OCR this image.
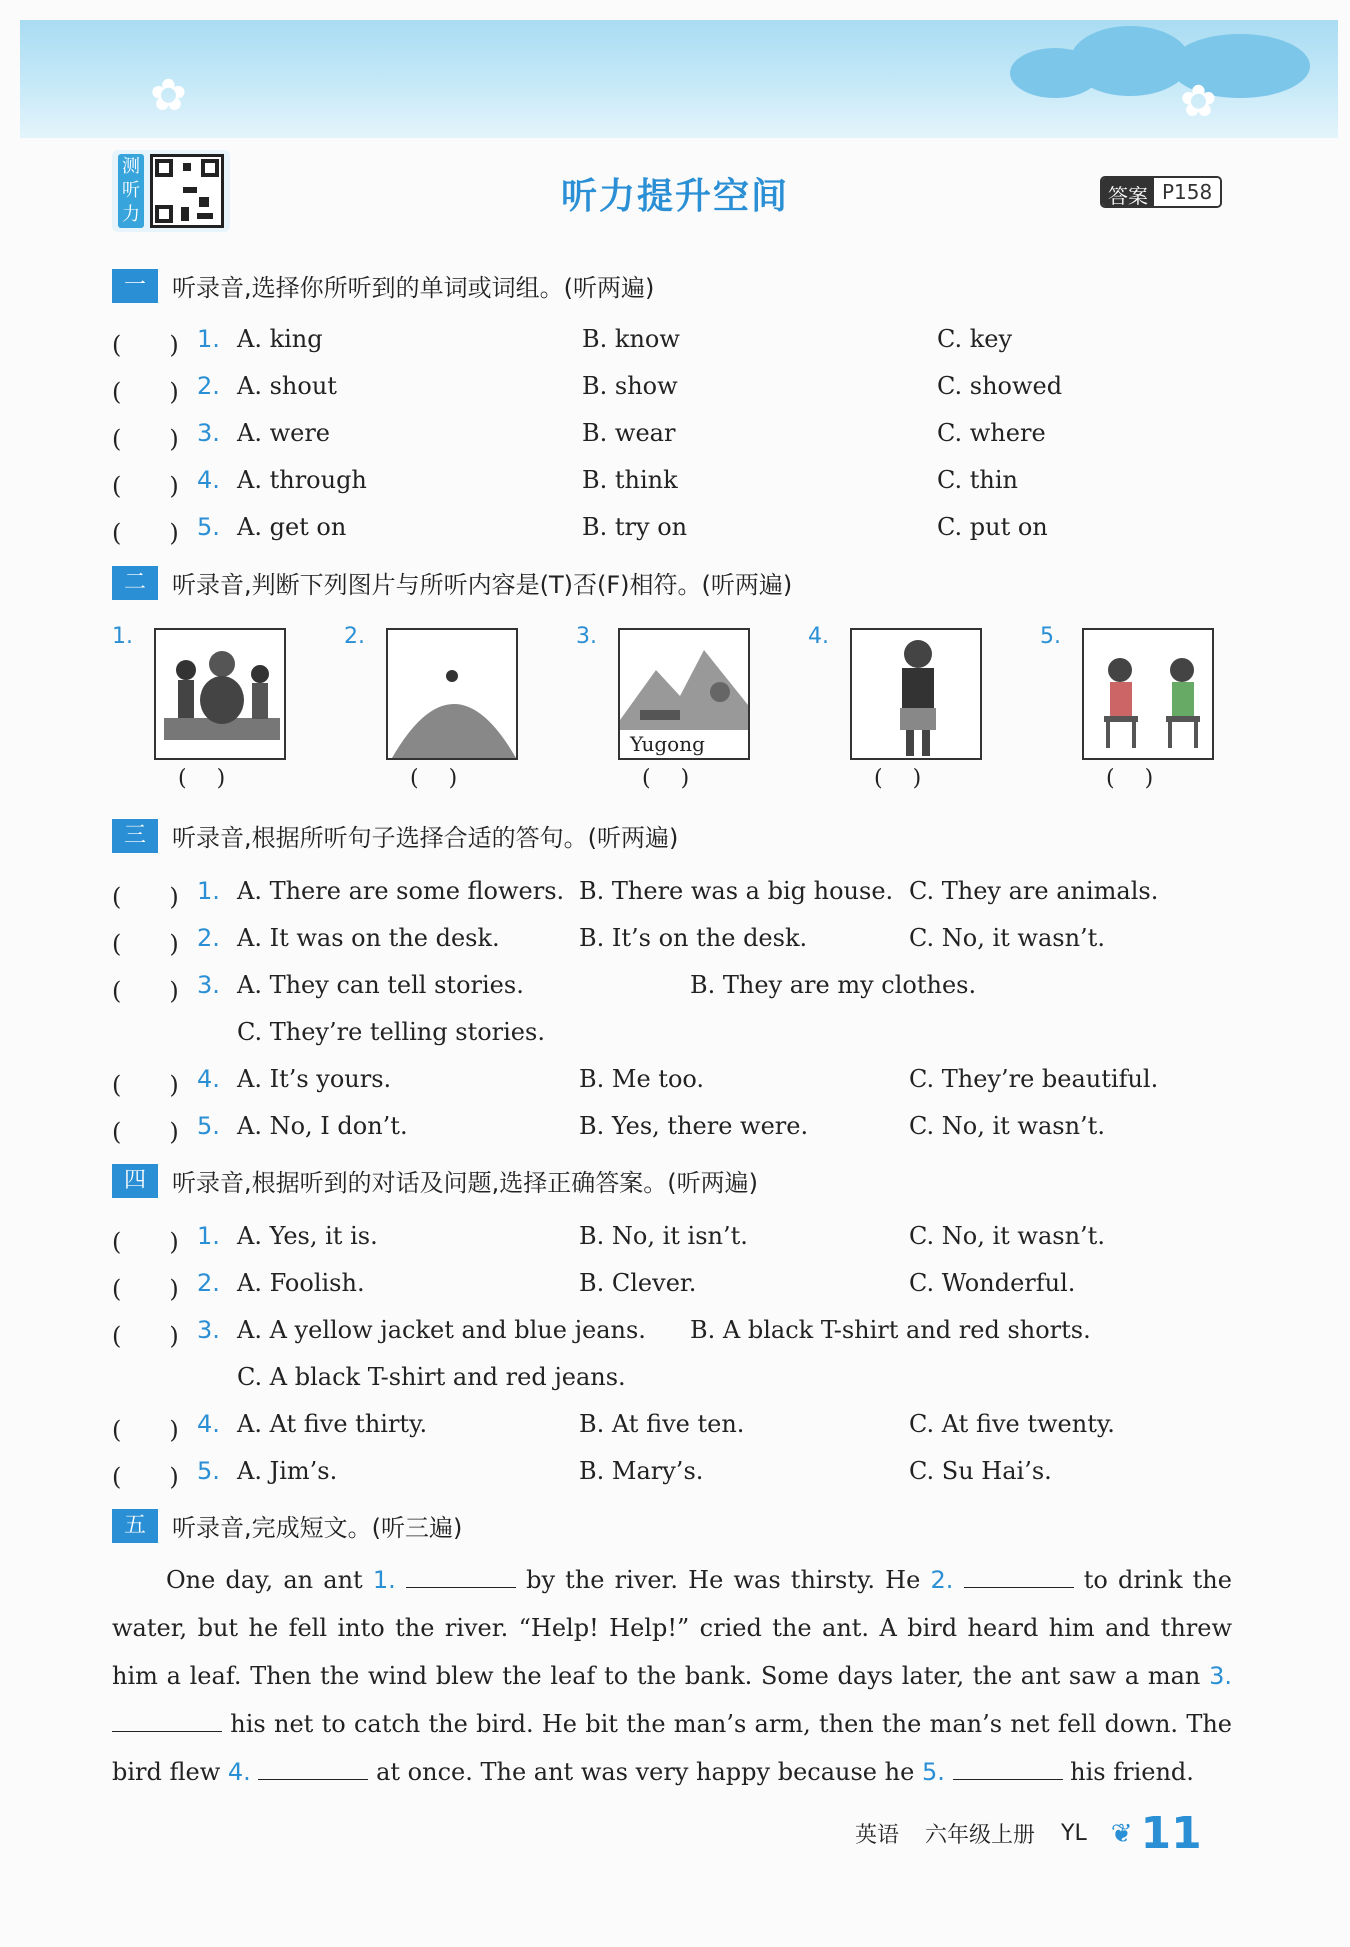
✿	✿
测听力	听力提升空间	答案 P158
一	听录音,选择你所听到的单词或词组。(听两遍)
(　　) 1. A. king	B. know	C. key
(　　) 2. A. shout	B. show	C. showed
(　　) 3. A. were	B. wear	C. where
(　　) 4. A. through	B. think	C. thin
(　　) 5. A. get on	B. try on	C. put on
二	听录音,判断下列图片与所听内容是(T)否(F)相符。(听两遍)
1.
()
2.
()
3.
Yugong
()
4.
()
5.
()
三	听录音,根据所听句子选择合适的答句。(听两遍)
(　　) 1. A. There are some flowers. B. There was a big house. C. They are animals.
(　　) 2. A. It was on the desk.	B. It’s on the desk.	C. No, it wasn’t.
(　　) 3. A. They can tell stories.	B. They are my clothes.
C. They’re telling stories.
(　　) 4. A. It’s yours.	B. Me too.	C. They’re beautiful.
(　　) 5. A. No, I don’t.	B. Yes, there were.	C. No, it wasn’t.
四	听录音,根据听到的对话及问题,选择正确答案。(听两遍)
(　　) 1. A. Yes, it is.	B. No, it isn’t.	C. No, it wasn’t.
(　　) 2. A. Foolish.	B. Clever.	C. Wonderful.
(　　) 3. A. A yellow jacket and blue jeans. B. A black T-shirt and red shorts.
C. A black T-shirt and red jeans.
(　　) 4. A. At five thirty.	B. At five ten.	C. At five twenty.
(　　) 5. A. Jim’s.	B. Mary’s.	C. Su Hai’s.
五	听录音,完成短文。(听三遍)

One day, an ant 1.	by the river. He was thirsty. He 2.	to drink the water, but he fell into the river. “Help! Help!” cried the ant. A bird heard him and threw him a leaf. Then the wind blew the leaf to the bank. Some days later, the ant saw a man 3.  his net to catch the bird. He bit the man’s arm, then the man’s net fell down. The bird flew 4.	at once. The ant was very happy because he 5.	his friend.

英语 六年级上册 YL ❦ 11
